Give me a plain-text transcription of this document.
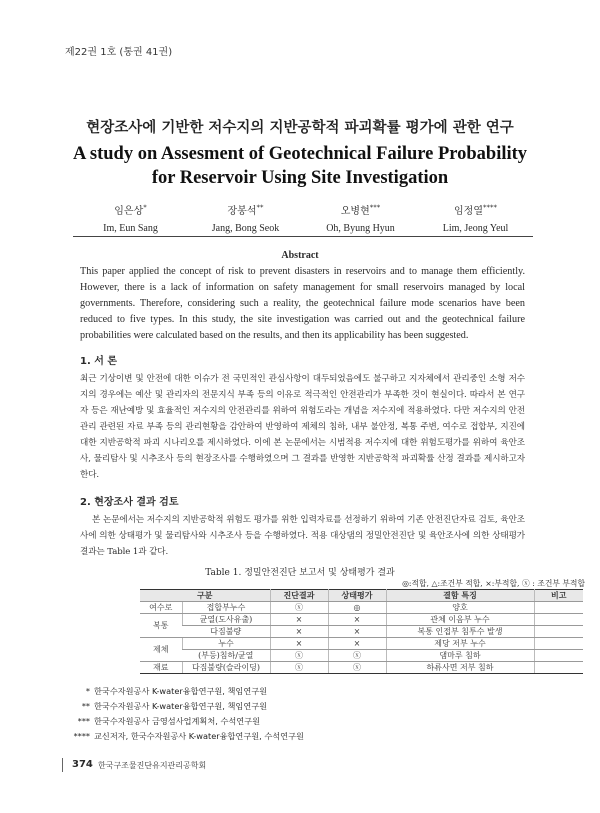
제22권 1호 (통권 41권)
현장조사에 기반한 저수지의 지반공학적 파괴확률 평가에 관한 연구
A study on Assesment of Geotechnical Failure Probability
for Reservoir Using Site Investigation
임은상*
Im, Eun Sang
장봉석**
Jang, Bong Seok
오병현***
Oh, Byung Hyun
임정열****
Lim, Jeong Yeul
Abstract
This paper applied the concept of risk to prevent disasters in reservoirs and to manage them efficiently. However, there is a lack of information on safety management for small reservoirs managed by local governments. Therefore, considering such a reality, the geotechnical failure mode scenarios have been reduced to five types. In this study, the site investigation was carried out and the geotechnical failure probabilities were calculated based on the results, and then its applicability has been suggested.
1. 서 론
최근 기상이변 및 안전에 대한 이슈가 전 국민적인 관심사항이 대두되었음에도 불구하고 지자체에서 관리중인 소형 저수지의 경우에는 예산 및 관리자의 전문지식 부족 등의 이유로 적극적인 안전관리가 부족한 것이 현실이다. 따라서 본 연구자 등은 재난예방 및 효율적인 저수지의 안전관리를 위하여 위험도라는 개념을 저수지에 적용하였다. 다만 저수지의 안전관리 관련된 자료 부족 등의 관리현황을 감안하여 반영하여 제체의 침하, 내부 불안정, 복통 주변, 여수로 접합부, 지진에 대한 지반공학적 파괴 시나리오를 제시하였다. 이에 본 논문에서는 시범적용 저수지에 대한 위험도평가를 위하여 육안조사, 물리탐사 및 시추조사 등의 현장조사를 수행하였으며 그 결과를 반영한 지반공학적 파괴확률 산정 결과를 제시하고자 한다.
2. 현장조사 결과 검토
본 논문에서는 저수지의 지반공학적 위험도 평가를 위한 입력자료를 선정하기 위하여 기존 안전진단자료 검토, 육안조사에 의한 상태평가 및 물리탐사와 시추조사 등을 수행하였다. 적용 대상댐의 정밀안전진단 및 육안조사에 의한 상태평가 결과는 Table 1과 같다.
Table 1. 정밀안전진단 보고서 및 상태평가 결과
◎:적합, △:조건부 적합, ×:부적합, ⓧ : 조건부 부적합
구분		진단결과	상태평가	결함 특징	비고
여수로	접합부누수	ⓧ	◎	양호	
복통	균열(도사유출)	×	×	관체 이음부 누수	
	다짐불량	×	×	복통 인접부 침투수 발생	
제체	누수	×	×	제당 저부 누수	
	(부등)침하/균열	ⓧ	ⓧ	댐마루 침하	
재료	다짐불량(슬라이딩)	ⓧ	ⓧ	하류사면 저부 침하	
* 한국수자원공사 K-water융합연구원, 책임연구원
** 한국수자원공사 K-water융합연구원, 책임연구원
*** 한국수자원공사 금영섬사업계획처, 수석연구원
**** 교신저자, 한국수자원공사 K-water융합연구원, 수석연구원
374 한국구조물진단유지관리공학회
